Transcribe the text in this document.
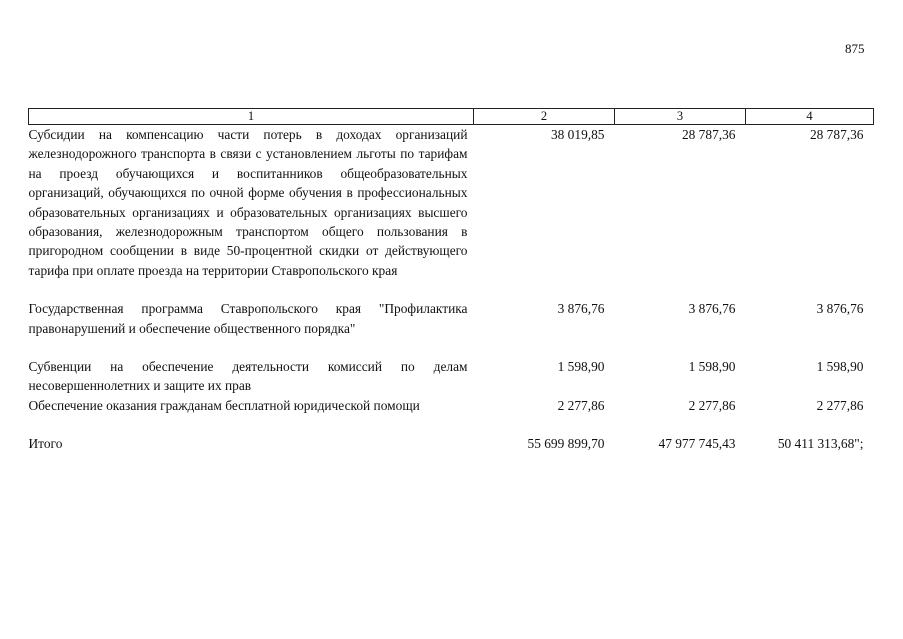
875
1	2	3	4
Субсидии на компенсацию части потерь в доходах организаций железнодорожного транспорта в связи с установлением льготы по тарифам на проезд обучающихся и воспитанников общеобразовательных организаций, обучающихся по очной форме обучения в профессиональных образовательных организациях и образовательных организациях высшего образования, железнодорожным транспортом общего пользования в пригородном сообщении в виде 50-процентной скидки от действующего тарифа при оплате проезда на территории Ставропольского края	38 019,85	28 787,36	28 787,36

Государственная программа Ставропольского края "Профилактика правонарушений и обеспечение общественного порядка"	3 876,76	3 876,76	3 876,76

Субвенции на обеспечение деятельности комиссий по делам несовершеннолетних и защите их прав	1 598,90	1 598,90	1 598,90
Обеспечение оказания гражданам бесплатной юридической помощи	2 277,86	2 277,86	2 277,86

Итого	55 699 899,70	47 977 745,43	50 411 313,68";
